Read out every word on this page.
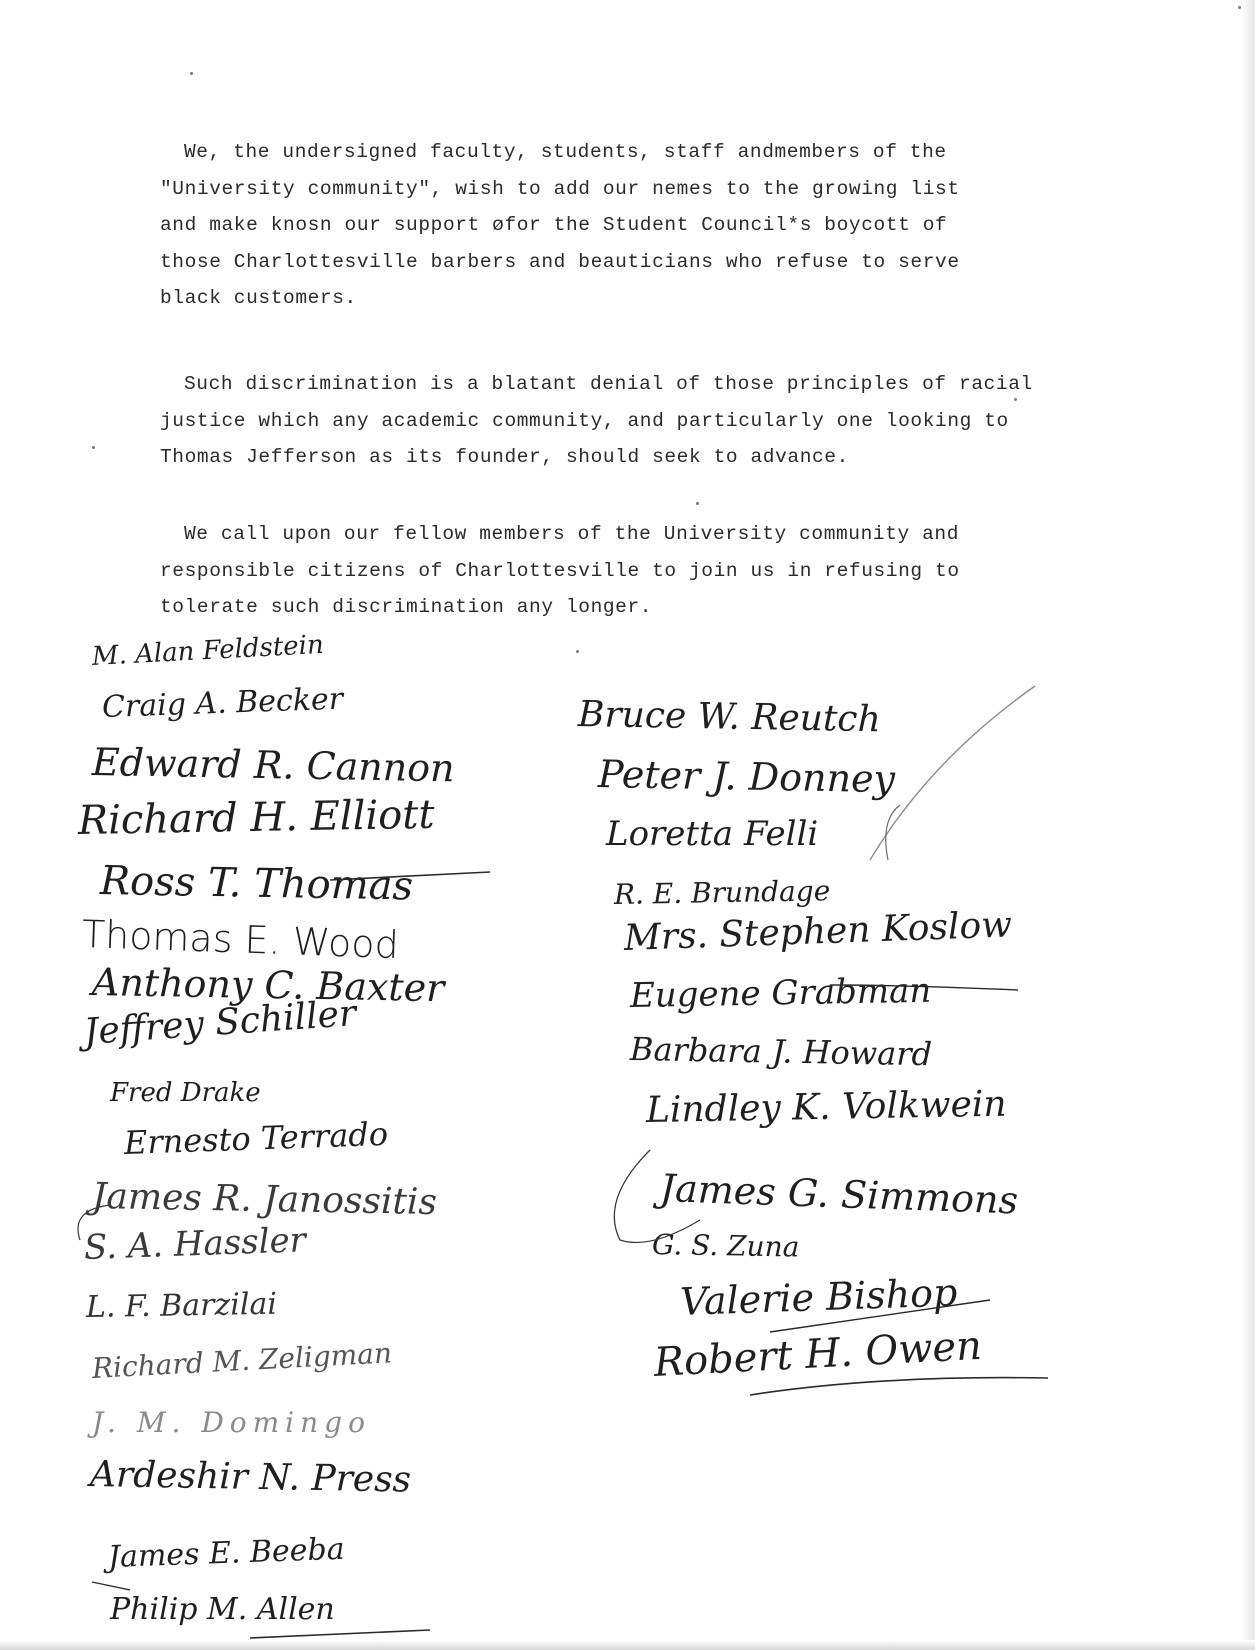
We, the undersigned faculty, students, staff andmembers of the
"University community", wish to add our nemes to the growing list
and make knosn our support øfor the Student Council*s boycott of
those Charlottesville barbers and beauticians who refuse to serve
black customers.
Such discrimination is a blatant denial of those principles of racial
justice which any academic community, and particularly one looking to
Thomas Jefferson as its founder, should seek to advance.
We call upon our fellow members of the University community and
responsible citizens of Charlottesville to join us in refusing to
tolerate such discrimination any longer.
M. Alan Feldstein
Craig A. Becker
Edward R. Cannon
Richard H. Elliott
Ross T. Thomas
Thomas E. Wood
Anthony C. Baxter
Jeffrey Schiller
Fred Drake
Ernesto Terrado
James R. Janossitis
S. A. Hassler
L. F. Barzilai
Richard M. Zeligman
J. M. Domingo
Ardeshir N. Press
James E. Beeba
Philip M. Allen
Bruce W. Reutch
Peter J. Donney
Loretta Felli
R. E. Brundage
Mrs. Stephen Koslow
Eugene Grabman
Barbara J. Howard
Lindley K. Volkwein
James G. Simmons
G. S. Zuna
Valerie Bishop
Robert H. Owen
